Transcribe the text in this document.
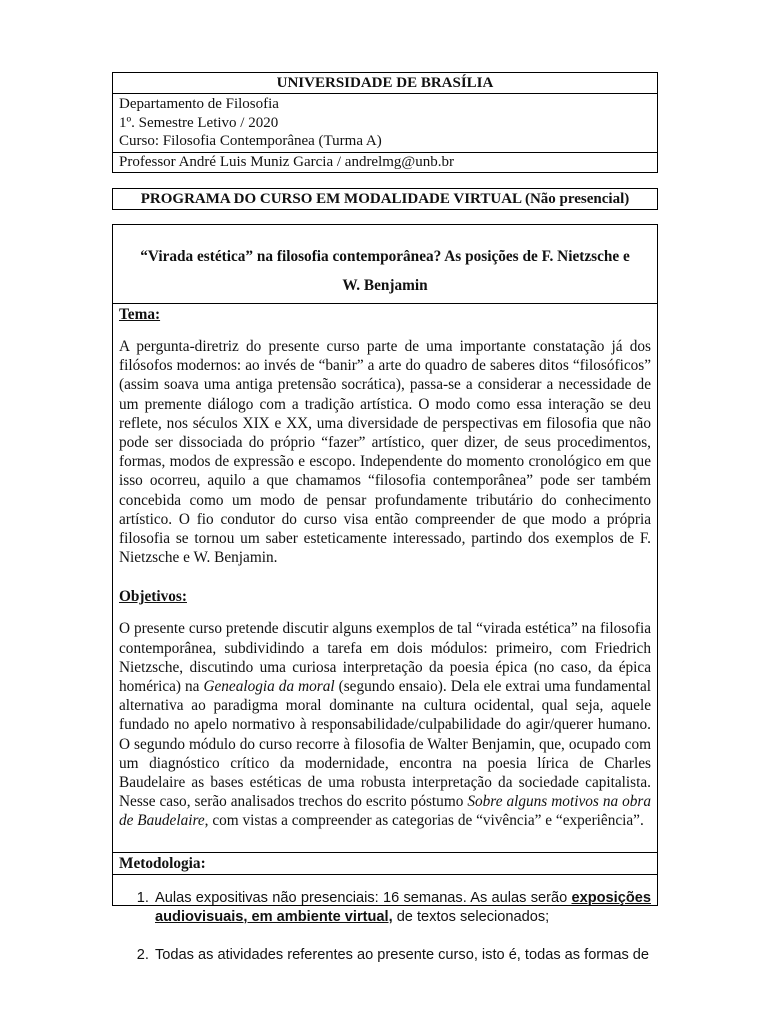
UNIVERSIDADE DE BRASÍLIA
Departamento de Filosofia
1º. Semestre Letivo / 2020
Curso: Filosofia Contemporânea (Turma A)
Professor André Luis Muniz Garcia / andrelmg@unb.br
PROGRAMA DO CURSO EM MODALIDADE VIRTUAL (Não presencial)
“Virada estética” na filosofia contemporânea? As posições de F. Nietzsche e W. Benjamin
Tema:

A pergunta-diretriz do presente curso parte de uma importante constatação já dos filósofos modernos: ao invés de “banir” a arte do quadro de saberes ditos “filosóficos” (assim soava uma antiga pretensão socrática), passa-se a considerar a necessidade de um premente diálogo com a tradição artística. O modo como essa interação se deu reflete, nos séculos XIX e XX, uma diversidade de perspectivas em filosofia que não pode ser dissociada do próprio “fazer” artístico, quer dizer, de seus procedimentos, formas, modos de expressão e escopo. Independente do momento cronológico em que isso ocorreu, aquilo a que chamamos “filosofia contemporânea” pode ser também concebida como um modo de pensar profundamente tributário do conhecimento artístico. O fio condutor do curso visa então compreender de que modo a própria filosofia se tornou um saber esteticamente interessado, partindo dos exemplos de F. Nietzsche e W. Benjamin.

Objetivos:

O presente curso pretende discutir alguns exemplos de tal “virada estética” na filosofia contemporânea, subdividindo a tarefa em dois módulos: primeiro, com Friedrich Nietzsche, discutindo uma curiosa interpretação da poesia épica (no caso, da épica homérica) na Genealogia da moral (segundo ensaio). Dela ele extrai uma fundamental alternativa ao paradigma moral dominante na cultura ocidental, qual seja, aquele fundado no apelo normativo à responsabilidade/culpabilidade do agir/querer humano. O segundo módulo do curso recorre à filosofia de Walter Benjamin, que, ocupado com um diagnóstico crítico da modernidade, encontra na poesia lírica de Charles Baudelaire as bases estéticas de uma robusta interpretação da sociedade capitalista. Nesse caso, serão analisados trechos do escrito póstumo Sobre alguns motivos na obra de Baudelaire, com vistas a compreender as categorias de “vivência” e “experiência”.

Metodologia:
1. Aulas expositivas não presenciais: 16 semanas. As aulas serão exposições audiovisuais, em ambiente virtual, de textos selecionados;
2. Todas as atividades referentes ao presente curso, isto é, todas as formas de
